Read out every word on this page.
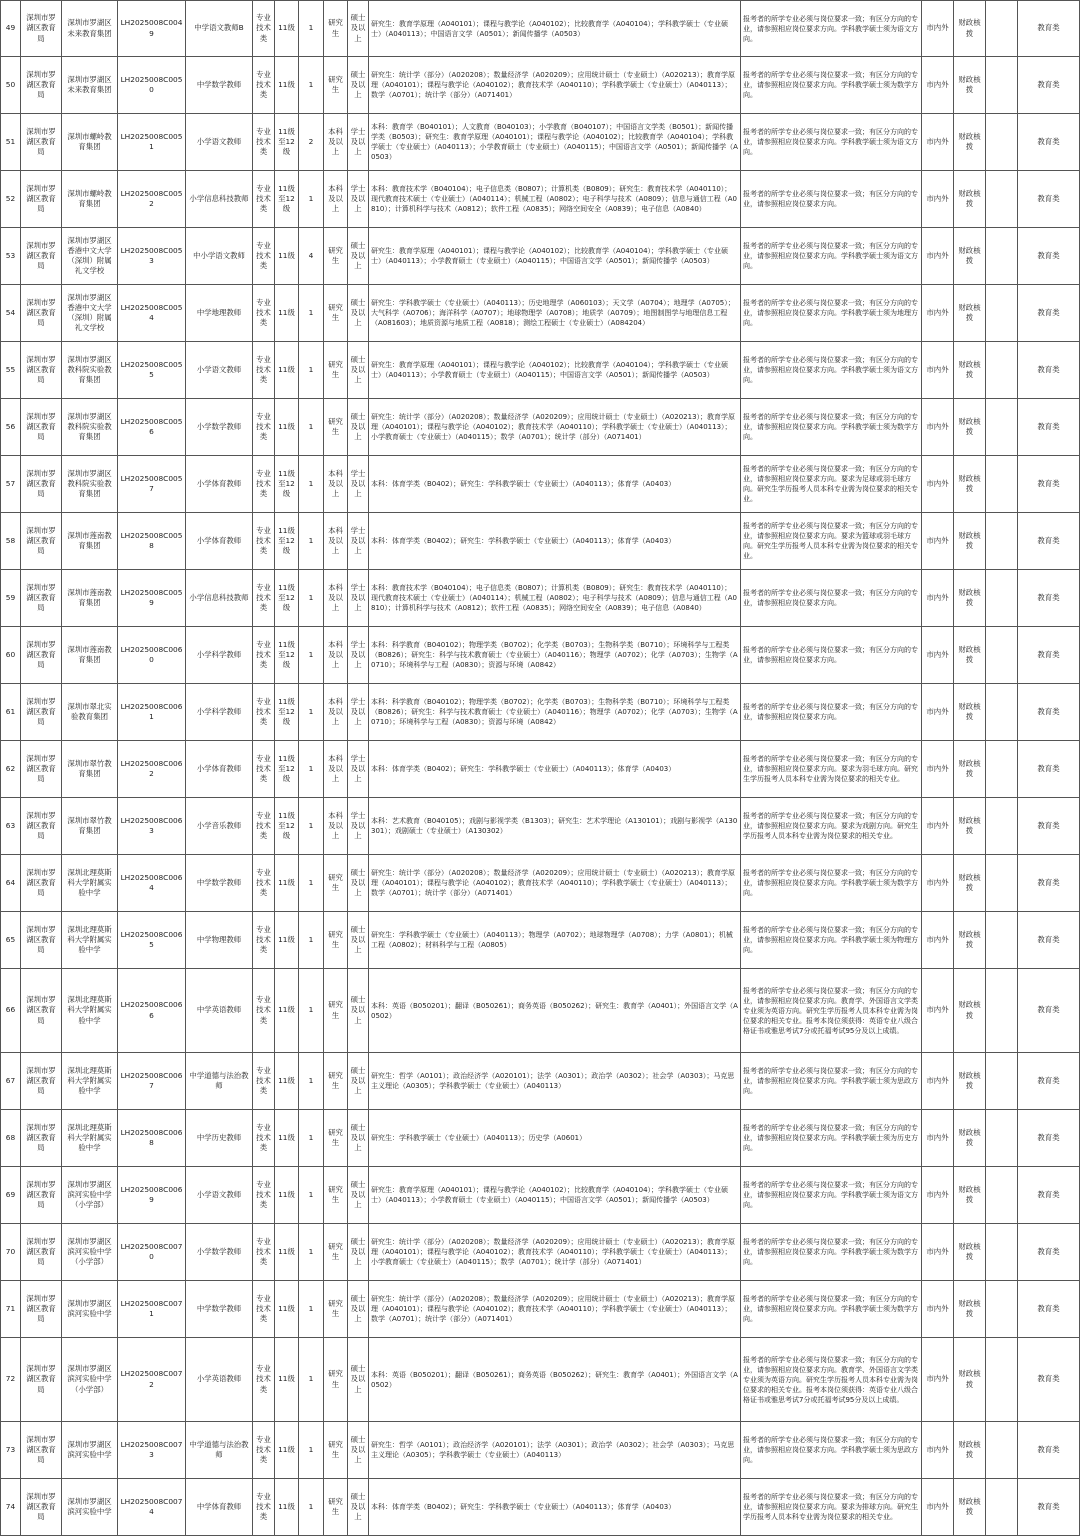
49	深圳市罗湖区教育局	深圳市罗湖区未来教育集团	LH2025008C0049	中学语文教师B	专业技术类	11级	1	研究生	硕士及以上	研究生：教育学原理（A040101）；课程与教学论（A040102）；比较教育学（A040104）；学科教学硕士（专业硕士）（A040113）；中国语言文学（A0501）；新闻传播学（A0503）	报考者的所学专业必须与岗位要求一致；有区分方向的专业，请参照相应岗位要求方向。学科教学硕士须为语文方向。	市内外	财政核拨		教育类
50	深圳市罗湖区教育局	深圳市罗湖区未来教育集团	LH2025008C0050	中学数学教师	专业技术类	11级	1	研究生	硕士及以上	研究生：统计学（部分）（A020208）；数量经济学（A020209）；应用统计硕士（专业硕士）（A020213）；教育学原理（A040101）；课程与教学论（A040102）；教育技术学（A040110）；学科教学硕士（专业硕士）（A040113）；数学（A0701）；统计学（部分）（A071401）	报考者的所学专业必须与岗位要求一致；有区分方向的专业，请参照相应岗位要求方向。学科教学硕士须为数学方向。	市内外	财政核拨		教育类
51	深圳市罗湖区教育局	深圳市螺岭教育集团	LH2025008C0051	小学语文教师	专业技术类	11级至12级	2	本科及以上	学士及以上	本科：教育学（B040101）；人文教育（B040103）；小学教育（B040107）；中国语言文学类（B0501）；新闻传播学类（B0503）；研究生：教育学原理（A040101）；课程与教学论（A040102）；比较教育学（A040104）；学科教学硕士（专业硕士）（A040113）；小学教育硕士（专业硕士）（A040115）；中国语言文学（A0501）；新闻传播学（A0503）	报考者的所学专业必须与岗位要求一致；有区分方向的专业，请参照相应岗位要求方向。学科教学硕士须为语文方向。	市内外	财政核拨		教育类
52	深圳市罗湖区教育局	深圳市螺岭教育集团	LH2025008C0052	小学信息科技教师	专业技术类	11级至12级	1	本科及以上	学士及以上	本科：教育技术学（B040104）；电子信息类（B0807）；计算机类（B0809）；研究生：教育技术学（A040110）；现代教育技术硕士（专业硕士）（A040114）；机械工程（A0802）；电子科学与技术（A0809）；信息与通信工程（A0810）；计算机科学与技术（A0812）；软件工程（A0835）；网络空间安全（A0839）；电子信息（A0840）	报考者的所学专业必须与岗位要求一致；有区分方向的专业，请参照相应岗位要求方向。	市内外	财政核拨		教育类
53	深圳市罗湖区教育局	深圳市罗湖区香港中文大学（深圳）附属礼文学校	LH2025008C0053	中小学语文教师	专业技术类	11级	4	研究生	硕士及以上	研究生：教育学原理（A040101）；课程与教学论（A040102）；比较教育学（A040104）；学科教学硕士（专业硕士）（A040113）；小学教育硕士（专业硕士）（A040115）；中国语言文学（A0501）；新闻传播学（A0503）	报考者的所学专业必须与岗位要求一致；有区分方向的专业，请参照相应岗位要求方向。学科教学硕士须为语文方向。	市内外	财政核拨		教育类
54	深圳市罗湖区教育局	深圳市罗湖区香港中文大学（深圳）附属礼文学校	LH2025008C0054	中学地理教师	专业技术类	11级	1	研究生	硕士及以上	研究生：学科教学硕士（专业硕士）（A040113）；历史地理学（A060103）；天文学（A0704）；地理学（A0705）；大气科学（A0706）；海洋科学（A0707）；地球物理学（A0708）；地质学（A0709）；地图制图学与地理信息工程（A081603）；地质资源与地质工程（A0818）；测绘工程硕士（专业硕士）（A084204）	报考者的所学专业必须与岗位要求一致；有区分方向的专业，请参照相应岗位要求方向。学科教学硕士须为地理方向。	市内外	财政核拨		教育类
55	深圳市罗湖区教育局	深圳市罗湖区教科院实验教育集团	LH2025008C0055	小学语文教师	专业技术类	11级	1	研究生	硕士及以上	研究生：教育学原理（A040101）；课程与教学论（A040102）；比较教育学（A040104）；学科教学硕士（专业硕士）（A040113）；小学教育硕士（专业硕士）（A040115）；中国语言文学（A0501）；新闻传播学（A0503）	报考者的所学专业必须与岗位要求一致；有区分方向的专业，请参照相应岗位要求方向。学科教学硕士须为语文方向。	市内外	财政核拨		教育类
56	深圳市罗湖区教育局	深圳市罗湖区教科院实验教育集团	LH2025008C0056	小学数学教师	专业技术类	11级	1	研究生	硕士及以上	研究生：统计学（部分）（A020208）；数量经济学（A020209）；应用统计硕士（专业硕士）（A020213）；教育学原理（A040101）；课程与教学论（A040102）；教育技术学（A040110）；学科教学硕士（专业硕士）（A040113）；小学教育硕士（专业硕士）（A040115）；数学（A0701）；统计学（部分）（A071401）	报考者的所学专业必须与岗位要求一致；有区分方向的专业，请参照相应岗位要求方向。学科教学硕士须为数学方向。	市内外	财政核拨		教育类
57	深圳市罗湖区教育局	深圳市罗湖区教科院实验教育集团	LH2025008C0057	小学体育教师	专业技术类	11级至12级	1	本科及以上	学士及以上	本科：体育学类（B0402）；研究生：学科教学硕士（专业硕士）（A040113）；体育学（A0403）	报考者的所学专业必须与岗位要求一致；有区分方向的专业，请参照相应岗位要求方向。要求为足球或羽毛球方向。研究生学历报考人员本科专业需为岗位要求的相关专业。	市内外	财政核拨		教育类
58	深圳市罗湖区教育局	深圳市莲南教育集团	LH2025008C0058	小学体育教师	专业技术类	11级至12级	1	本科及以上	学士及以上	本科：体育学类（B0402）；研究生：学科教学硕士（专业硕士）（A040113）；体育学（A0403）	报考者的所学专业必须与岗位要求一致；有区分方向的专业，请参照相应岗位要求方向。要求为篮球或羽毛球方向。研究生学历报考人员本科专业需为岗位要求的相关专业。	市内外	财政核拨		教育类
59	深圳市罗湖区教育局	深圳市莲南教育集团	LH2025008C0059	小学信息科技教师	专业技术类	11级至12级	1	本科及以上	学士及以上	本科：教育技术学（B040104）；电子信息类（B0807）；计算机类（B0809）；研究生：教育技术学（A040110）；现代教育技术硕士（专业硕士）（A040114）；机械工程（A0802）；电子科学与技术（A0809）；信息与通信工程（A0810）；计算机科学与技术（A0812）；软件工程（A0835）；网络空间安全（A0839）；电子信息（A0840）	报考者的所学专业必须与岗位要求一致；有区分方向的专业，请参照相应岗位要求方向。	市内外	财政核拨		教育类
60	深圳市罗湖区教育局	深圳市莲南教育集团	LH2025008C0060	小学科学教师	专业技术类	11级至12级	1	本科及以上	学士及以上	本科：科学教育（B040102）；物理学类（B0702）；化学类（B0703）；生物科学类（B0710）；环境科学与工程类（B0826）；研究生：科学与技术教育硕士（专业硕士）（A040116）；物理学（A0702）；化学（A0703）；生物学（A0710）；环境科学与工程（A0830）；资源与环境（A0842）	报考者的所学专业必须与岗位要求一致；有区分方向的专业，请参照相应岗位要求方向。	市内外	财政核拨		教育类
61	深圳市罗湖区教育局	深圳市翠北实验教育集团	LH2025008C0061	小学科学教师	专业技术类	11级至12级	1	本科及以上	学士及以上	本科：科学教育（B040102）；物理学类（B0702）；化学类（B0703）；生物科学类（B0710）；环境科学与工程类（B0826）；研究生：科学与技术教育硕士（专业硕士）（A040116）；物理学（A0702）；化学（A0703）；生物学（A0710）；环境科学与工程（A0830）；资源与环境（A0842）	报考者的所学专业必须与岗位要求一致；有区分方向的专业，请参照相应岗位要求方向。	市内外	财政核拨		教育类
62	深圳市罗湖区教育局	深圳市翠竹教育集团	LH2025008C0062	小学体育教师	专业技术类	11级至12级	1	本科及以上	学士及以上	本科：体育学类（B0402）；研究生：学科教学硕士（专业硕士）（A040113）；体育学（A0403）	报考者的所学专业必须与岗位要求一致；有区分方向的专业，请参照相应岗位要求方向。要求为羽毛球方向。研究生学历报考人员本科专业需为岗位要求的相关专业。	市内外	财政核拨		教育类
63	深圳市罗湖区教育局	深圳市翠竹教育集团	LH2025008C0063	小学音乐教师	专业技术类	11级至12级	1	本科及以上	学士及以上	本科：艺术教育（B040105）；戏剧与影视学类（B1303）；研究生：艺术学理论（A130101）；戏剧与影视学（A130301）；戏剧硕士（专业硕士）（A130302）	报考者的所学专业必须与岗位要求一致；有区分方向的专业，请参照相应岗位要求方向。要求为戏剧方向。研究生学历报考人员本科专业需为岗位要求的相关专业。	市内外	财政核拨		教育类
64	深圳市罗湖区教育局	深圳北理莫斯科大学附属实验中学	LH2025008C0064	中学数学教师	专业技术类	11级	1	研究生	硕士及以上	研究生：统计学（部分）（A020208）；数量经济学（A020209）；应用统计硕士（专业硕士）（A020213）；教育学原理（A040101）；课程与教学论（A040102）；教育技术学（A040110）；学科教学硕士（专业硕士）（A040113）；数学（A0701）；统计学（部分）（A071401）	报考者的所学专业必须与岗位要求一致；有区分方向的专业，请参照相应岗位要求方向。学科教学硕士须为数学方向。	市内外	财政核拨		教育类
65	深圳市罗湖区教育局	深圳北理莫斯科大学附属实验中学	LH2025008C0065	中学物理教师	专业技术类	11级	1	研究生	硕士及以上	研究生：学科教学硕士（专业硕士）（A040113）；物理学（A0702）；地球物理学（A0708）；力学（A0801）；机械工程（A0802）；材料科学与工程（A0805）	报考者的所学专业必须与岗位要求一致；有区分方向的专业，请参照相应岗位要求方向。学科教学硕士须为物理方向。	市内外	财政核拨		教育类
66	深圳市罗湖区教育局	深圳北理莫斯科大学附属实验中学	LH2025008C0066	中学英语教师	专业技术类	11级	1	研究生	硕士及以上	本科：英语（B050201）；翻译（B050261）；商务英语（B050262）；研究生：教育学（A0401）；外国语言文学（A0502）	报考者的所学专业必须与岗位要求一致；有区分方向的专业，请参照相应岗位要求方向。教育学、外国语言文学类专业须为英语方向。研究生学历报考人员本科专业需为岗位要求的相关专业。报考本岗位须获得：英语专业八级合格证书或雅思考试7分或托福考试95分及以上成绩。	市内外	财政核拨		教育类
67	深圳市罗湖区教育局	深圳北理莫斯科大学附属实验中学	LH2025008C0067	中学道德与法治教师	专业技术类	11级	1	研究生	硕士及以上	研究生：哲学（A0101）；政治经济学（A020101）；法学（A0301）；政治学（A0302）；社会学（A0303）；马克思主义理论（A0305）；学科教学硕士（专业硕士）（A040113）	报考者的所学专业必须与岗位要求一致；有区分方向的专业，请参照相应岗位要求方向。学科教学硕士须为思政方向。	市内外	财政核拨		教育类
68	深圳市罗湖区教育局	深圳北理莫斯科大学附属实验中学	LH2025008C0068	中学历史教师	专业技术类	11级	1	研究生	硕士及以上	研究生：学科教学硕士（专业硕士）（A040113）；历史学（A0601）	报考者的所学专业必须与岗位要求一致；有区分方向的专业，请参照相应岗位要求方向。学科教学硕士须为历史方向。	市内外	财政核拨		教育类
69	深圳市罗湖区教育局	深圳市罗湖区滨河实验中学（小学部）	LH2025008C0069	小学语文教师	专业技术类	11级	1	研究生	硕士及以上	研究生：教育学原理（A040101）；课程与教学论（A040102）；比较教育学（A040104）；学科教学硕士（专业硕士）（A040113）；小学教育硕士（专业硕士）（A040115）；中国语言文学（A0501）；新闻传播学（A0503）	报考者的所学专业必须与岗位要求一致；有区分方向的专业，请参照相应岗位要求方向。学科教学硕士须为语文方向。	市内外	财政核拨		教育类
70	深圳市罗湖区教育局	深圳市罗湖区滨河实验中学（小学部）	LH2025008C0070	小学数学教师	专业技术类	11级	1	研究生	硕士及以上	研究生：统计学（部分）（A020208）；数量经济学（A020209）；应用统计硕士（专业硕士）（A020213）；教育学原理（A040101）；课程与教学论（A040102）；教育技术学（A040110）；学科教学硕士（专业硕士）（A040113）；小学教育硕士（专业硕士）（A040115）；数学（A0701）；统计学（部分）（A071401）	报考者的所学专业必须与岗位要求一致；有区分方向的专业，请参照相应岗位要求方向。学科教学硕士须为数学方向。	市内外	财政核拨		教育类
71	深圳市罗湖区教育局	深圳市罗湖区滨河实验中学	LH2025008C0071	中学数学教师	专业技术类	11级	1	研究生	硕士及以上	研究生：统计学（部分）（A020208）；数量经济学（A020209）；应用统计硕士（专业硕士）（A020213）；教育学原理（A040101）；课程与教学论（A040102）；教育技术学（A040110）；学科教学硕士（专业硕士）（A040113）；数学（A0701）；统计学（部分）（A071401）	报考者的所学专业必须与岗位要求一致；有区分方向的专业，请参照相应岗位要求方向。学科教学硕士须为数学方向。	市内外	财政核拨		教育类
72	深圳市罗湖区教育局	深圳市罗湖区滨河实验中学（小学部）	LH2025008C0072	小学英语教师	专业技术类	11级	1	研究生	硕士及以上	本科：英语（B050201）；翻译（B050261）；商务英语（B050262）；研究生：教育学（A0401）；外国语言文学（A0502）	报考者的所学专业必须与岗位要求一致；有区分方向的专业，请参照相应岗位要求方向。教育学、外国语言文学类专业须为英语方向。研究生学历报考人员本科专业需为岗位要求的相关专业。报考本岗位须获得：英语专业八级合格证书或雅思考试7分或托福考试95分及以上成绩。	市内外	财政核拨		教育类
73	深圳市罗湖区教育局	深圳市罗湖区滨河实验中学	LH2025008C0073	中学道德与法治教师	专业技术类	11级	1	研究生	硕士及以上	研究生：哲学（A0101）；政治经济学（A020101）；法学（A0301）；政治学（A0302）；社会学（A0303）；马克思主义理论（A0305）；学科教学硕士（专业硕士）（A040113）	报考者的所学专业必须与岗位要求一致；有区分方向的专业，请参照相应岗位要求方向。学科教学硕士须为思政方向。	市内外	财政核拨		教育类
74	深圳市罗湖区教育局	深圳市罗湖区滨河实验中学	LH2025008C0074	中学体育教师	专业技术类	11级	1	研究生	硕士及以上	本科：体育学类（B0402）；研究生：学科教学硕士（专业硕士）（A040113）；体育学（A0403）	报考者的所学专业必须与岗位要求一致；有区分方向的专业，请参照相应岗位要求方向。要求为排球方向。研究生学历报考人员本科专业需为岗位要求的相关专业。	市内外	财政核拨		教育类
